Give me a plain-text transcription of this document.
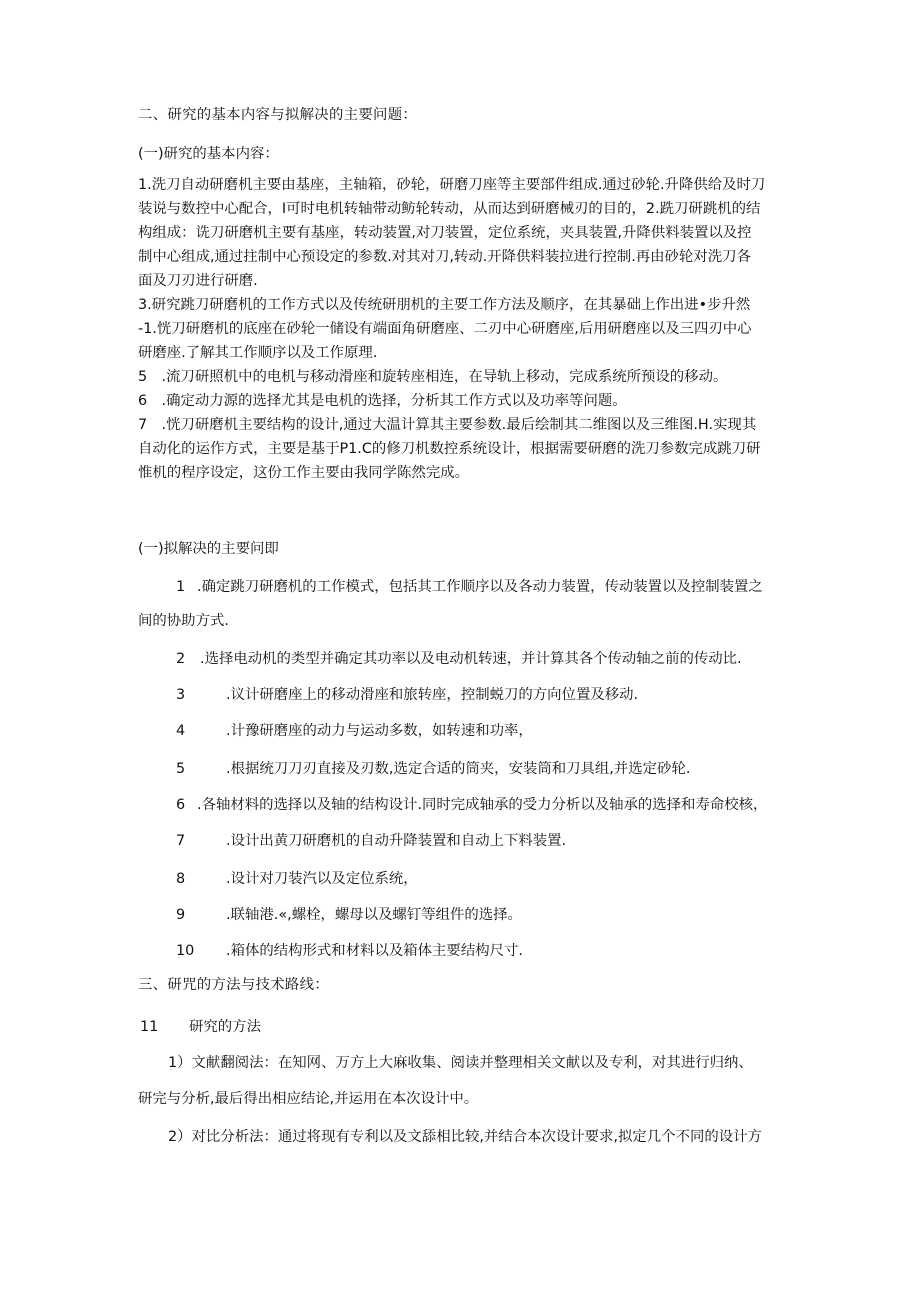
二、研究的基本内容与拟解决的主要问题：

(一)研究的基本内容：

1.洗刀自动研磨机主要由基座，主轴箱，砂轮，研磨刀座等主要部件组成.通过砂轮.升降供给及时刀

装说与数控中心配合，I可时电机转轴带动鲂轮转动，从而达到研磨械刃的目的，2.跣刀研跳机的结

构组成：诜刀研磨机主要有基座，转动装置,对刀装置，定位系统，夹具装置,升降供料装置以及控

制中心组成,通过拄制中心预设定的参数.对其对刀,转动.开降供料装拉进行控制.再由砂轮对洗刀各

面及刀刃进行研磨.

3.研究跳刀研磨机的工作方式以及传统研朋机的主要工作方法及顺序，在其暴础上作出进•步升然

-1.恍刀研磨机的底座在砂轮一储设有端面角研磨座、二刃中心研磨座,后用研磨座以及三四刃中心

研磨座.了解其工作顺序以及工作原理.

5　.流刀研照机中的电机与移动滑座和旋转座相连，在导轨上移动，完成系统所预设的移动。

6　.确定动力源的选择尤其是电机的选择，分析其工作方式以及功率等问题。

7　.恍刀研磨机主要结构的设计,通过大温计算其主要参数.最后绘制其二维图以及三维图.H.实现其

自动化的运作方式，主要是基于P1.C的修刀机数控系统设计，根据需要研磨的洗刀参数完成跳刀研

惟机的程序设定，这份工作主要由我同学陈然完成。

(一)拟解决的主要问即

1 .确定跳刀研磨机的工作模式，包括其工作顺序以及各动力装置，传动装置以及控制装置之

间的协助方式.

2 .选择电动机的类型并确定其功率以及电动机转速，并计算其各个传动轴之前的传动比.

3	.议计研磨座上的移动滑座和旅转座，控制蜕刀的方向位置及移动.

4	.计豫研磨座的动力与运动多数，如转速和功率，

5	.根据统刀刀刃直接及刃数,选定合适的筒夹，安装筒和刀具组,并选定砂轮.

6 .各轴材料的选择以及轴的结构设计.同时完成轴承的受力分析以及轴承的选择和寿命校核，

7	.设计出黄刀研磨机的自动升降装置和自动上下料装置.

8	.设计对刀装汽以及定位系统，

9	.联轴港.«,螺栓，螺母以及螺钉等组件的选择。

10 .箱体的结构形式和材料以及箱体主要结构尺寸.

三、研咒的方法与技术路线：

11 研究的方法

1）文献翻阅法：在知网、万方上大麻收集、阅读并整理相关文献以及专利，对其进行归纳、

研完与分析,最后得出相应结论,并运用在本次设计中。

2）对比分析法：通过将现有专利以及文舔相比较,并结合本次设计要求,拟定几个不同的设计方
